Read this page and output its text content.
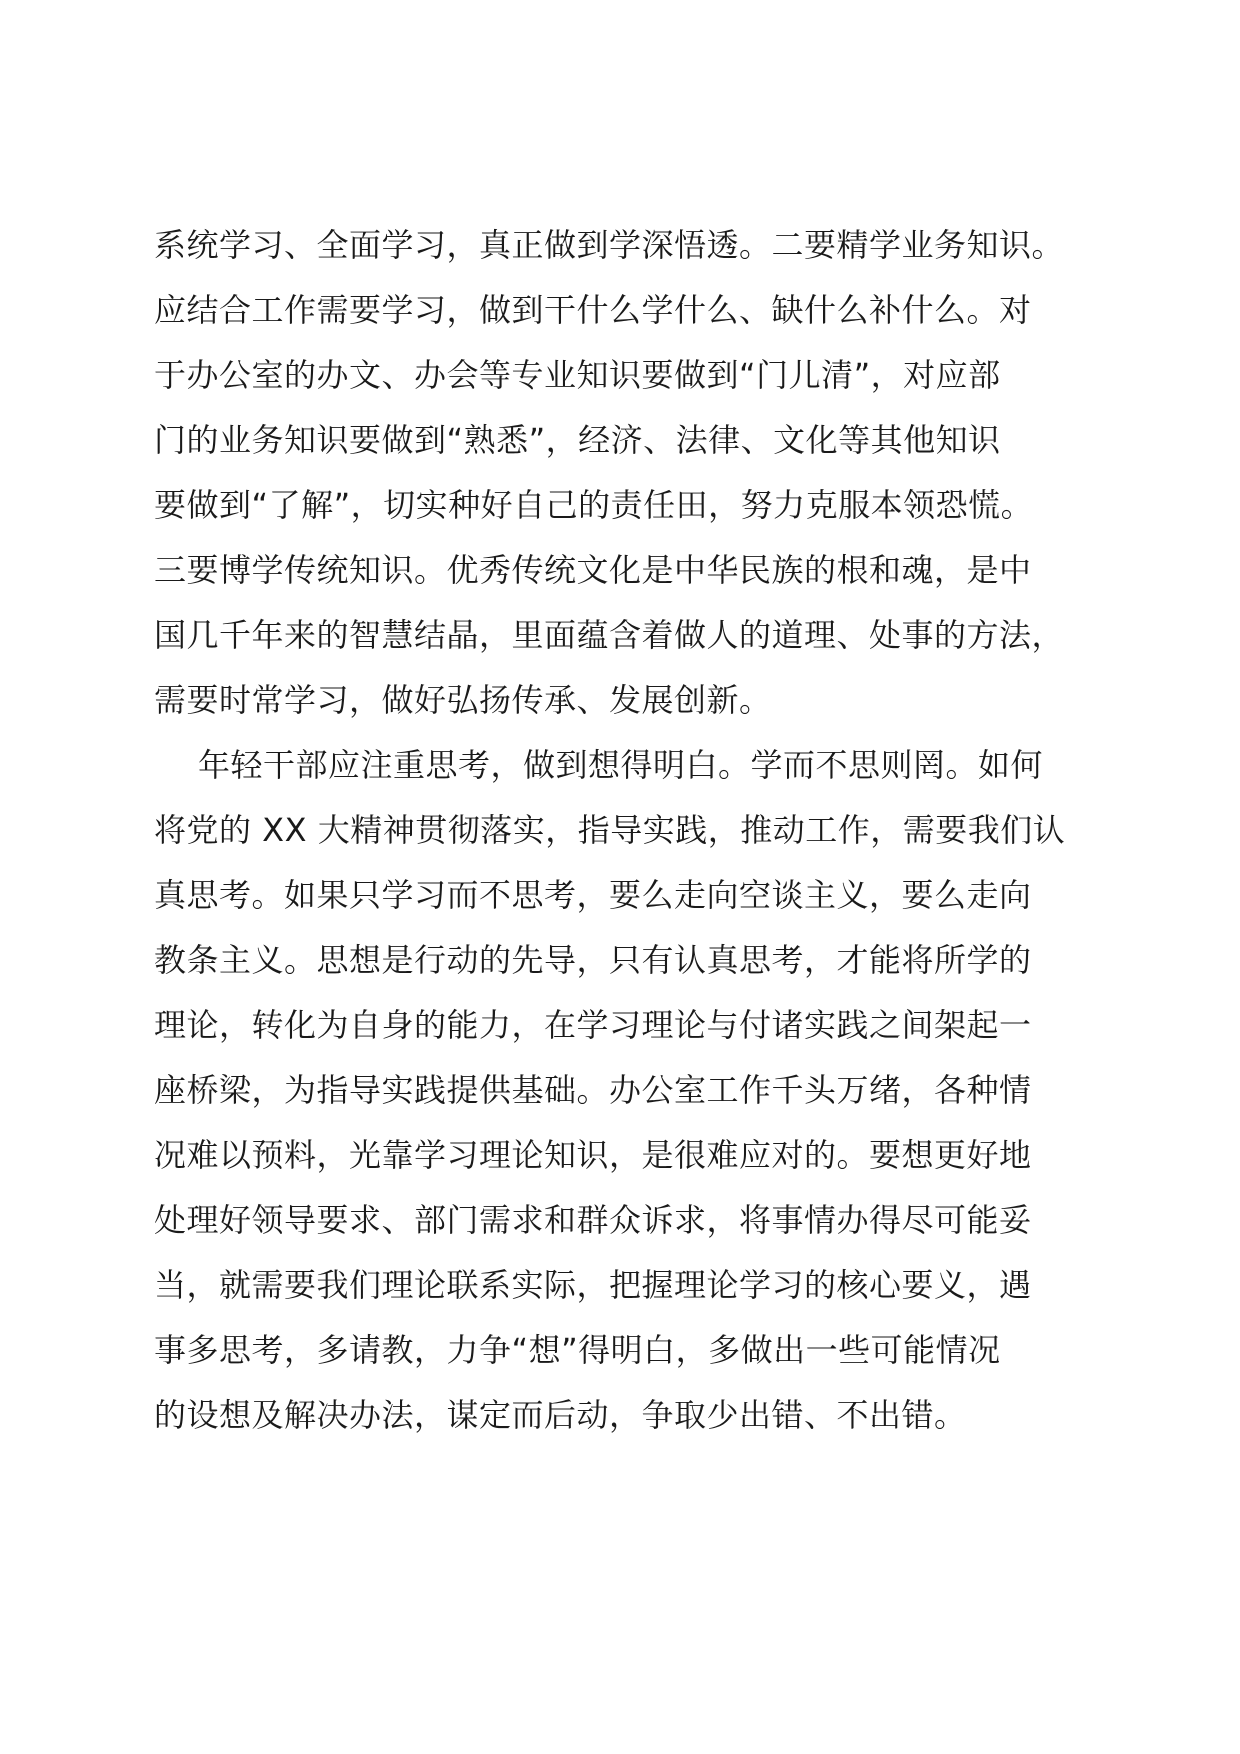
系统学习、全面学习，真正做到学深悟透。二要精学业务知识。
应结合工作需要学习，做到干什么学什么、缺什么补什么。对
于办公室的办文、办会等专业知识要做到“门儿清”，对应部
门的业务知识要做到“熟悉”，经济、法律、文化等其他知识
要做到“了解”，切实种好自己的责任田，努力克服本领恐慌。
三要博学传统知识。优秀传统文化是中华民族的根和魂，是中
国几千年来的智慧结晶，里面蕴含着做人的道理、处事的方法，
需要时常学习，做好弘扬传承、发展创新。
年轻干部应注重思考，做到想得明白。学而不思则罔。如何
将党的 XX 大精神贯彻落实，指导实践，推动工作，需要我们认
真思考。如果只学习而不思考，要么走向空谈主义，要么走向
教条主义。思想是行动的先导，只有认真思考，才能将所学的
理论，转化为自身的能力，在学习理论与付诸实践之间架起一
座桥梁，为指导实践提供基础。办公室工作千头万绪，各种情
况难以预料，光靠学习理论知识，是很难应对的。要想更好地
处理好领导要求、部门需求和群众诉求，将事情办得尽可能妥
当，就需要我们理论联系实际，把握理论学习的核心要义，遇
事多思考，多请教，力争“想”得明白，多做出一些可能情况
的设想及解决办法，谋定而后动，争取少出错、不出错。
